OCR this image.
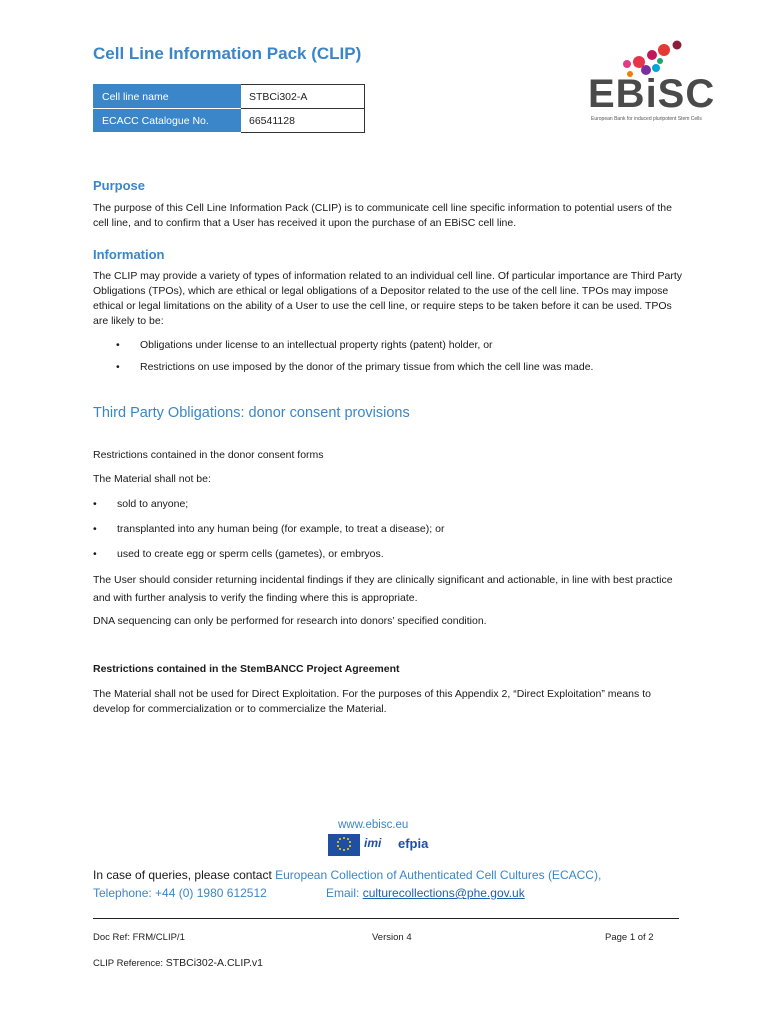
Cell Line Information Pack (CLIP)
Cell line name	STBCi302-A
ECACC Catalogue No.	66541128
EBiSC
European Bank for induced pluripotent Stem Cells
Purpose

The purpose of this Cell Line Information Pack (CLIP) is to communicate cell line specific information to potential users of the cell line, and to confirm that a User has received it upon the purchase of an EBiSC cell line.

Information

The CLIP may provide a variety of types of information related to an individual cell line. Of particular importance are Third Party Obligations (TPOs), which are ethical or legal obligations of a Depositor related to the use of the cell line. TPOs may impose ethical or legal limitations on the ability of a User to use the cell line, or require steps to be taken before it can be used. TPOs are likely to be:

• Obligations under license to an intellectual property rights (patent) holder, or
• Restrictions on use imposed by the donor of the primary tissue from which the cell line was made.
Third Party Obligations: donor consent provisions

Restrictions contained in the donor consent forms

The Material shall not be:

• sold to anyone;
• transplanted into any human being (for example, to treat a disease); or
• used to create egg or sperm cells (gametes), or embryos.

The User should consider returning incidental findings if they are clinically significant and actionable, in line with best practice and with further analysis to verify the finding where this is appropriate.

DNA sequencing can only be performed for research into donors’ specified condition.

Restrictions contained in the StemBANCC Project Agreement

The Material shall not be used for Direct Exploitation. For the purposes of this Appendix 2, “Direct Exploitation” means to develop for commercialization or to commercialize the Material.

www.ebisc.eu
imi efpia
In case of queries, please contact European Collection of Authenticated Cell Cultures (ECACC),
Telephone: +44 (0) 1980 612512	Email: culturecollections@phe.gov.uk
Doc Ref: FRM/CLIP/1	Version 4	Page 1 of 2
CLIP Reference: STBCi302-A.CLIP.v1
